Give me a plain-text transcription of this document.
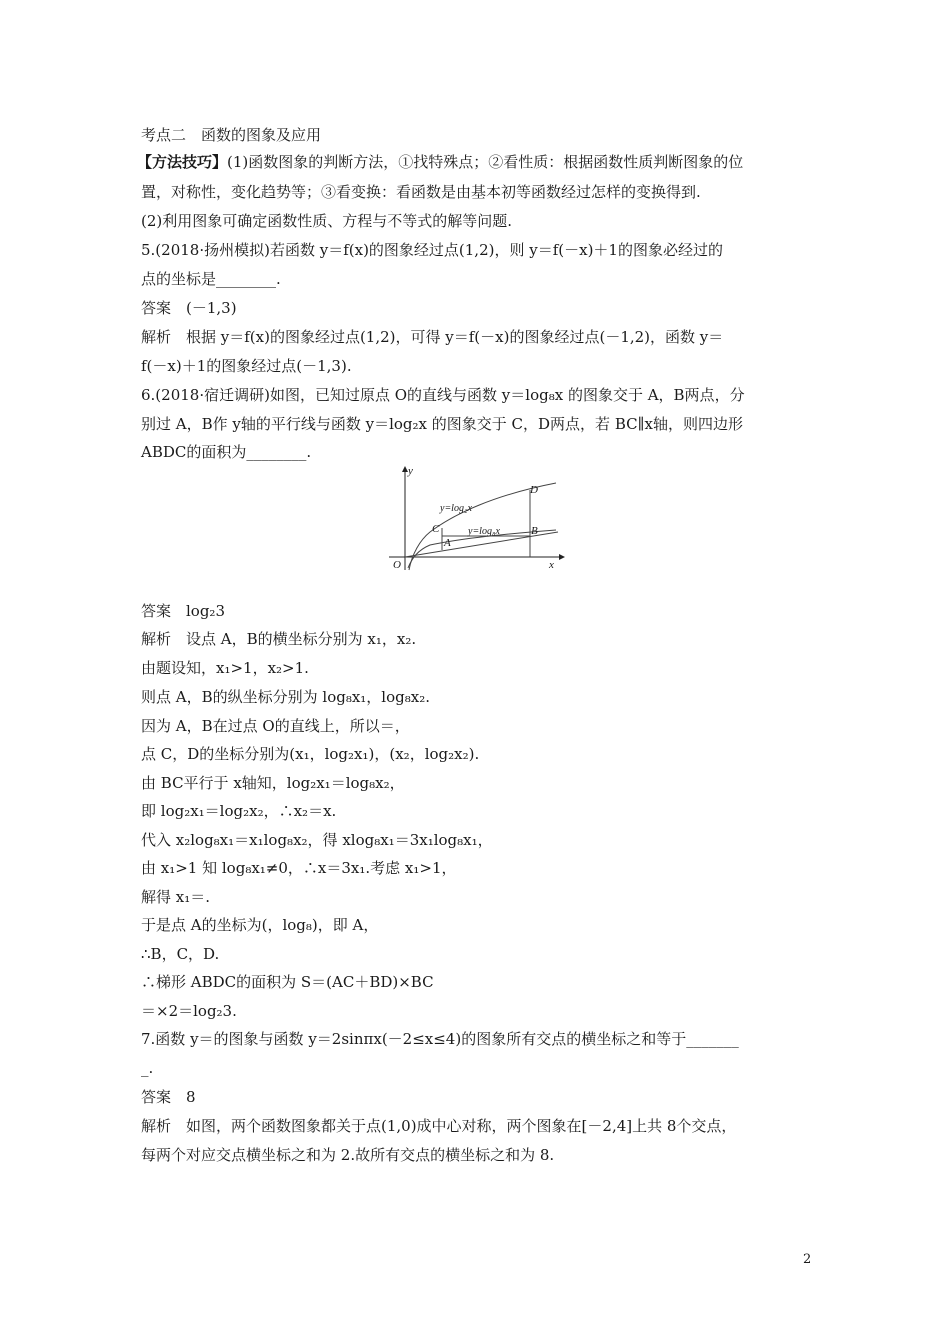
考点二　函数的图象及应用
【方法技巧】(1)函数图象的判断方法，①找特殊点；②看性质：根据函数性质判断图象的位
置，对称性，变化趋势等；③看变换：看函数是由基本初等函数经过怎样的变换得到.
(2)利用图象可确定函数性质、方程与不等式的解等问题.
5.(2018·扬州模拟)若函数 y＝f(x)的图象经过点(1,2)，则 y＝f(－x)＋1的图象必经过的
点的坐标是________.
答案　(－1,3)
解析　根据 y＝f(x)的图象经过点(1,2)，可得 y＝f(－x)的图象经过点(－1,2)，函数 y＝
f(－x)＋1的图象经过点(－1,3).
6.(2018·宿迁调研)如图，已知过原点 O的直线与函数 y＝log₈x 的图象交于 A，B两点，分
别过 A，B作 y轴的平行线与函数 y＝log₂x 的图象交于 C，D两点，若 BC∥x轴，则四边形
ABDC的面积为________.
y
x
O
A
B
C
D
y=log₂x
y=log₈x
答案　log₂3
解析　设点 A，B的横坐标分别为 x₁，x₂.
由题设知，x₁>1，x₂>1.
则点 A，B的纵坐标分别为 log₈x₁，log₈x₂.
因为 A，B在过点 O的直线上，所以＝，
点 C，D的坐标分别为(x₁，log₂x₁)，(x₂，log₂x₂).
由 BC平行于 x轴知，log₂x₁＝log₈x₂，
即 log₂x₁＝log₂x₂，∴x₂＝x.
代入 x₂log₈x₁＝x₁log₈x₂，得 xlog₈x₁＝3x₁log₈x₁，
由 x₁>1 知 log₈x₁≠0，∴x＝3x₁.考虑 x₁>1，
解得 x₁＝.
于是点 A的坐标为(，log₈)，即 A，
∴B，C，D.
∴梯形 ABDC的面积为 S＝(AC＋BD)×BC
＝×2＝log₂3.
7.函数 y＝的图象与函数 y＝2sinπx(－2≤x≤4)的图象所有交点的横坐标之和等于_______
_.
答案　8
解析　如图，两个函数图象都关于点(1,0)成中心对称，两个图象在[－2,4]上共 8个交点，
每两个对应交点横坐标之和为 2.故所有交点的横坐标之和为 8.
2
